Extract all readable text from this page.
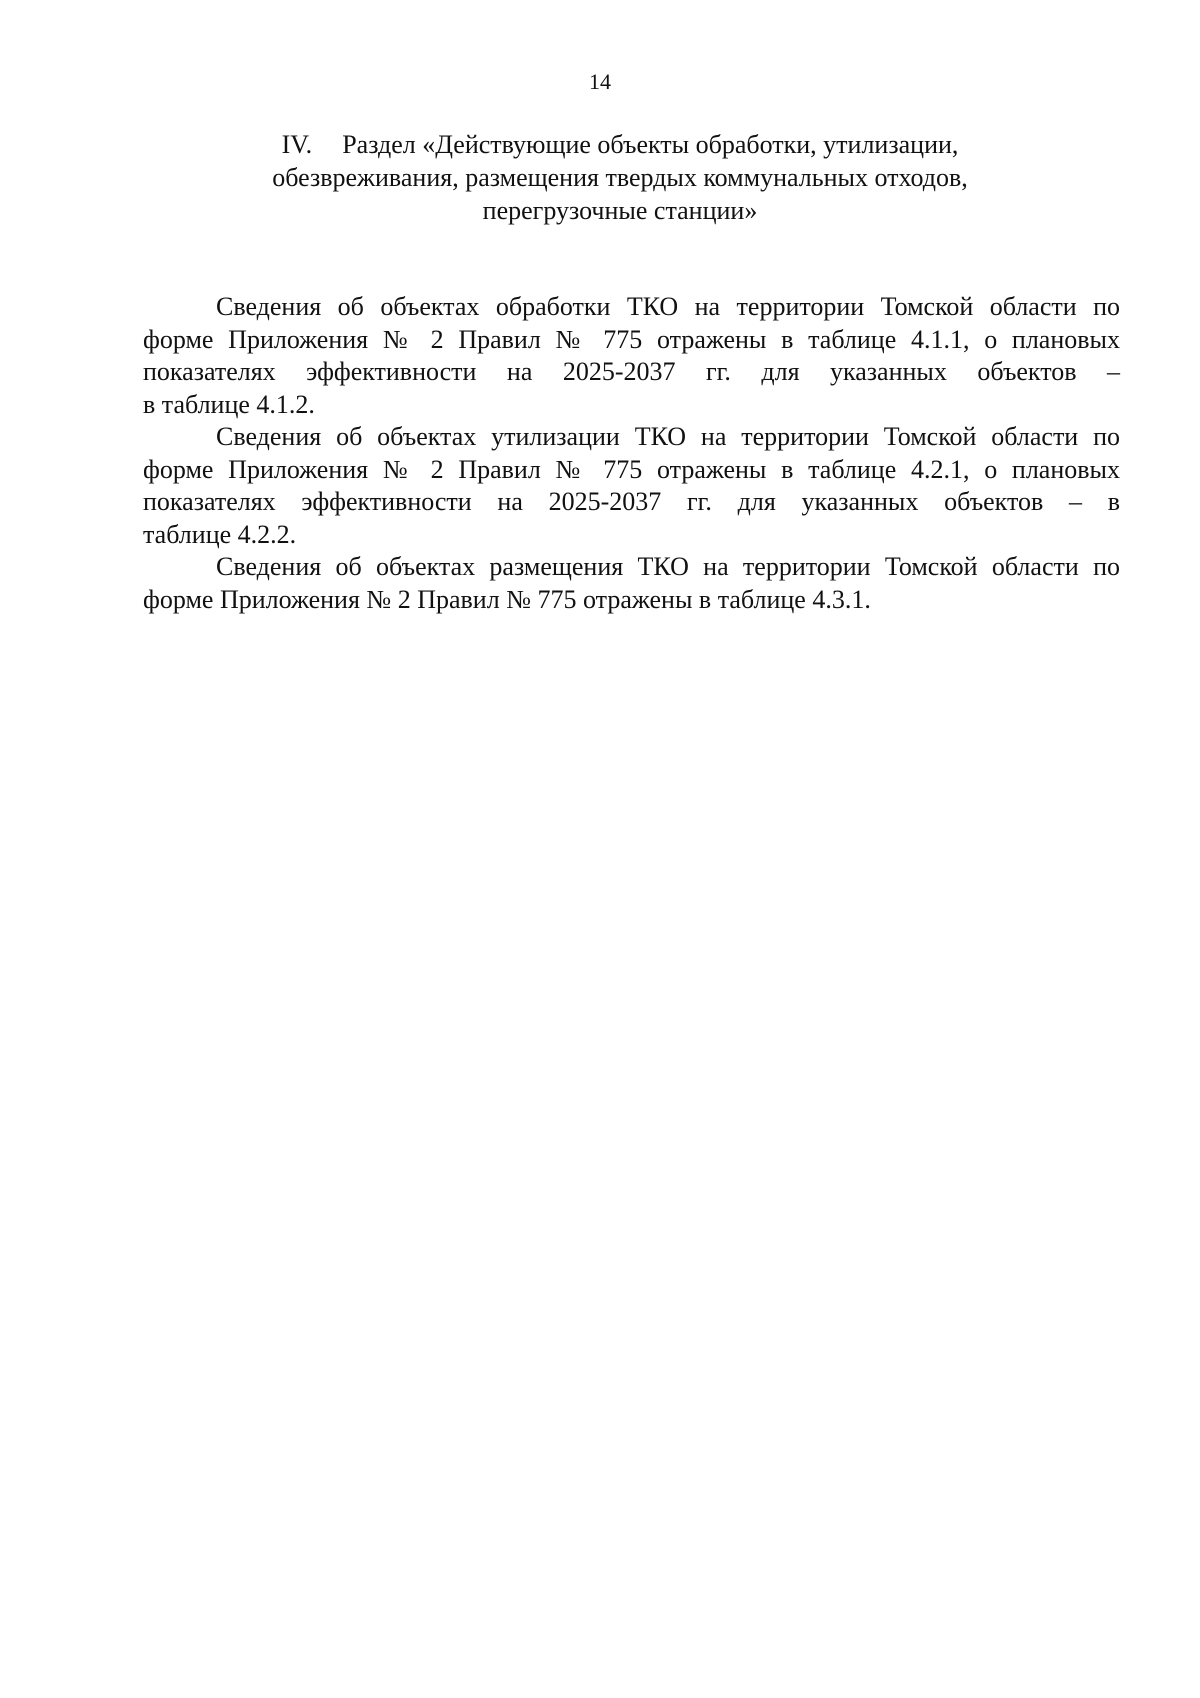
14
IV. Раздел «Действующие объекты обработки, утилизации,
обезвреживания, размещения твердых коммунальных отходов,
перегрузочные станции»
Сведения об объектах обработки ТКО на территории Томской области по
форме Приложения № 2 Правил № 775 отражены в таблице 4.1.1, о плановых
показателях эффективности на 2025-2037 гг. для указанных объектов –
в таблице 4.1.2.
Сведения об объектах утилизации ТКО на территории Томской области по
форме Приложения № 2 Правил № 775 отражены в таблице 4.2.1, о плановых
показателях эффективности на 2025-2037 гг. для указанных объектов – в
таблице 4.2.2.
Сведения об объектах размещения ТКО на территории Томской области по
форме Приложения № 2 Правил № 775 отражены в таблице 4.3.1.
